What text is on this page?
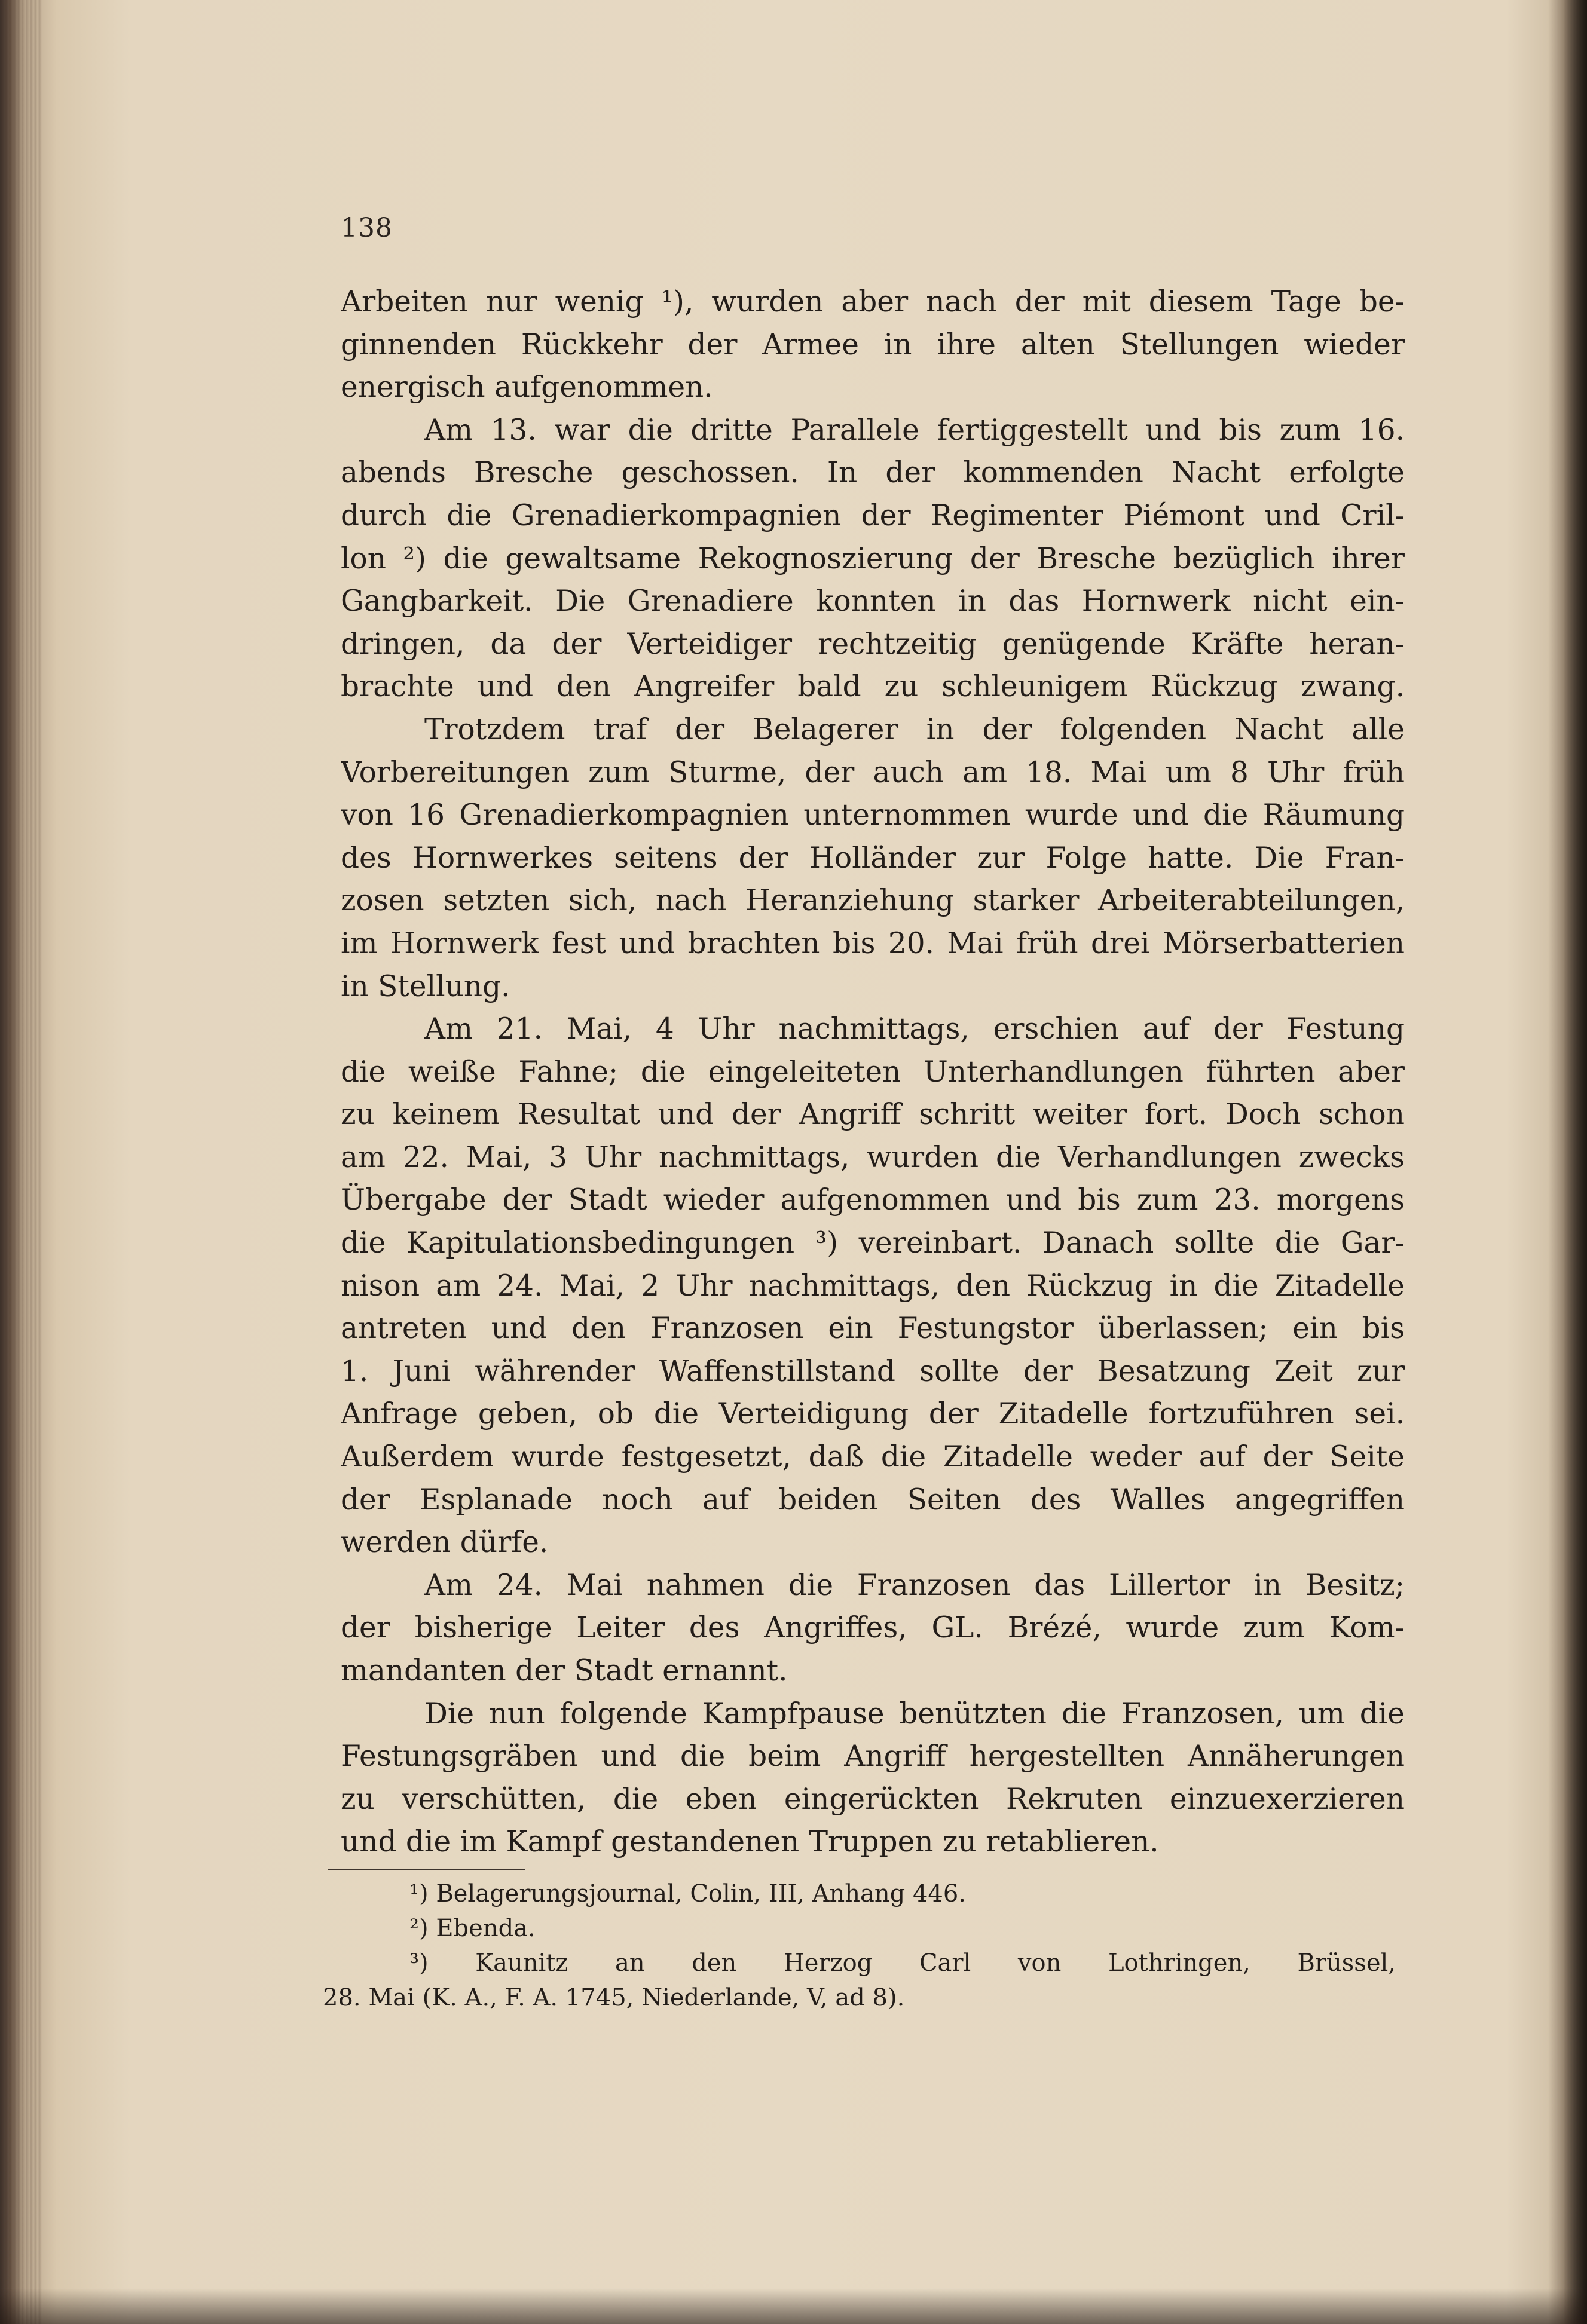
138
Arbeiten nur wenig ¹), wurden aber nach der mit diesem Tage be-
ginnenden Rückkehr der Armee in ihre alten Stellungen wieder
energisch aufgenommen.
Am 13. war die dritte Parallele fertiggestellt und bis zum 16.
abends Bresche geschossen. In der kommenden Nacht erfolgte
durch die Grenadierkompagnien der Regimenter Piémont und Cril-
lon ²) die gewaltsame Rekognoszierung der Bresche bezüglich ihrer
Gangbarkeit. Die Grenadiere konnten in das Hornwerk nicht ein-
dringen, da der Verteidiger rechtzeitig genügende Kräfte heran-
brachte und den Angreifer bald zu schleunigem Rückzug zwang.
Trotzdem traf der Belagerer in der folgenden Nacht alle
Vorbereitungen zum Sturme, der auch am 18. Mai um 8 Uhr früh
von 16 Grenadierkompagnien unternommen wurde und die Räumung
des Hornwerkes seitens der Holländer zur Folge hatte. Die Fran-
zosen setzten sich, nach Heranziehung starker Arbeiterabteilungen,
im Hornwerk fest und brachten bis 20. Mai früh drei Mörserbatterien
in Stellung.
Am 21. Mai, 4 Uhr nachmittags, erschien auf der Festung
die weiße Fahne; die eingeleiteten Unterhandlungen führten aber
zu keinem Resultat und der Angriff schritt weiter fort. Doch schon
am 22. Mai, 3 Uhr nachmittags, wurden die Verhandlungen zwecks
Übergabe der Stadt wieder aufgenommen und bis zum 23. morgens
die Kapitulationsbedingungen ³) vereinbart. Danach sollte die Gar-
nison am 24. Mai, 2 Uhr nachmittags, den Rückzug in die Zitadelle
antreten und den Franzosen ein Festungstor überlassen; ein bis
1. Juni währender Waffenstillstand sollte der Besatzung Zeit zur
Anfrage geben, ob die Verteidigung der Zitadelle fortzuführen sei.
Außerdem wurde festgesetzt, daß die Zitadelle weder auf der Seite
der Esplanade noch auf beiden Seiten des Walles angegriffen
werden dürfe.
Am 24. Mai nahmen die Franzosen das Lillertor in Besitz;
der bisherige Leiter des Angriffes, GL. Brézé, wurde zum Kom-
mandanten der Stadt ernannt.
Die nun folgende Kampfpause benützten die Franzosen, um die
Festungsgräben und die beim Angriff hergestellten Annäherungen
zu verschütten, die eben eingerückten Rekruten einzuexerzieren
und die im Kampf gestandenen Truppen zu retablieren.
¹) Belagerungsjournal, Colin, III, Anhang 446.
²) Ebenda.
³) Kaunitz an den Herzog Carl von Lothringen, Brüssel,
28. Mai (K. A., F. A. 1745, Niederlande, V, ad 8).
